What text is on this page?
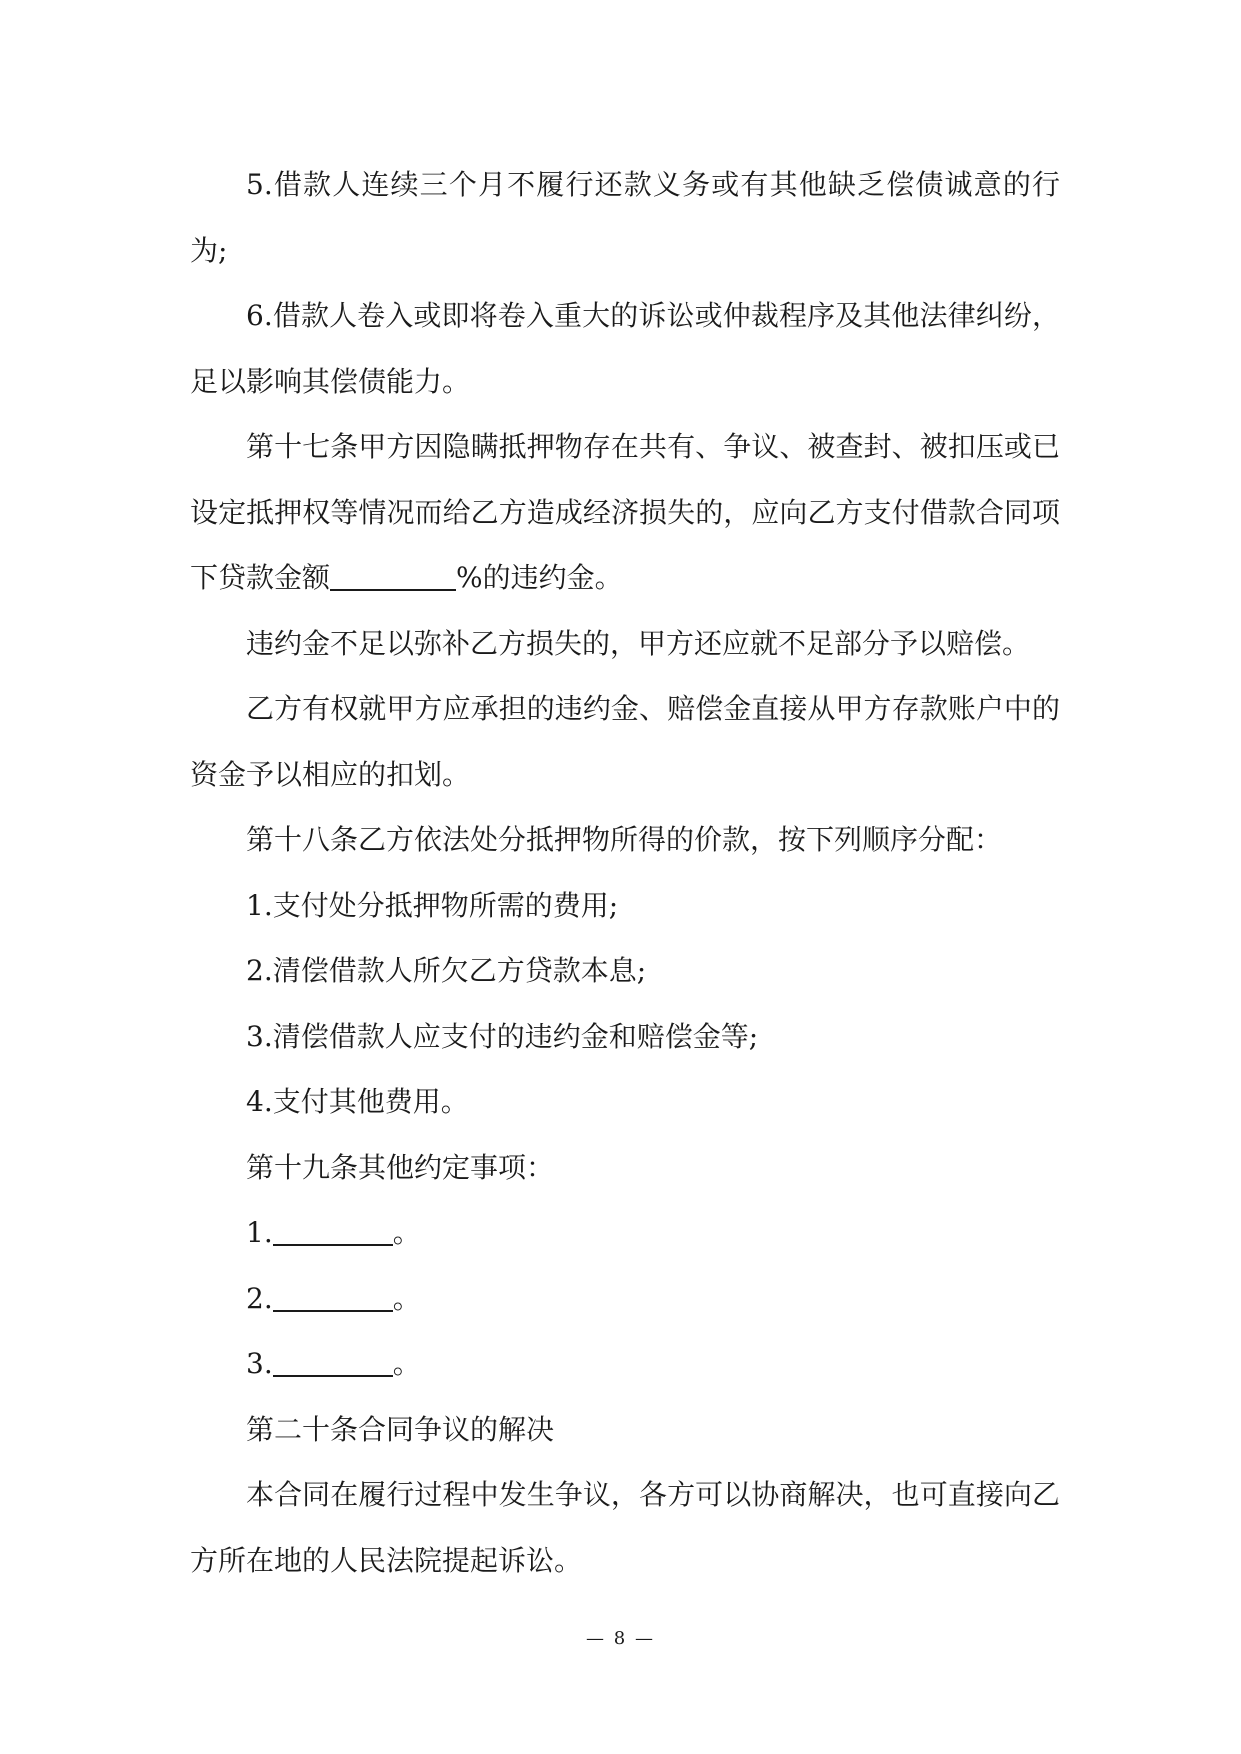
5.借款人连续三个月不履行还款义务或有其他缺乏偿债诚意的行为;

6.借款人卷入或即将卷入重大的诉讼或仲裁程序及其他法律纠纷，足以影响其偿债能力。

第十七条甲方因隐瞒抵押物存在共有、争议、被查封、被扣压或已设定抵押权等情况而给乙方造成经济损失的，应向乙方支付借款合同项下贷款金额	%的违约金。

违约金不足以弥补乙方损失的，甲方还应就不足部分予以赔偿。

乙方有权就甲方应承担的违约金、赔偿金直接从甲方存款账户中的资金予以相应的扣划。

第十八条乙方依法处分抵押物所得的价款，按下列顺序分配：

1.支付处分抵押物所需的费用;

2.清偿借款人所欠乙方贷款本息;

3.清偿借款人应支付的违约金和赔偿金等;

4.支付其他费用。

第十九条其他约定事项：

1.	。

2.	。

3.	。

第二十条合同争议的解决

本合同在履行过程中发生争议，各方可以协商解决，也可直接向乙方所在地的人民法院提起诉讼。

— 8 —
